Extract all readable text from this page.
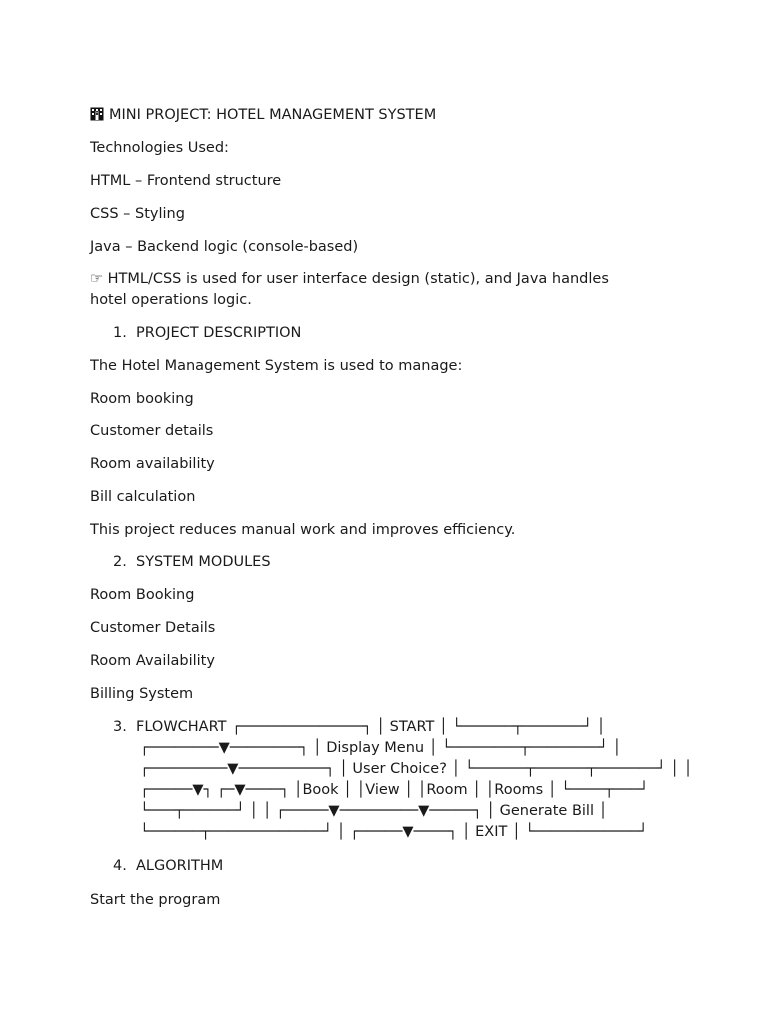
H MINI PROJECT: HOTEL MANAGEMENT SYSTEM

Technologies Used:

HTML – Frontend structure

CSS – Styling

Java – Backend logic (console-based)

☞ HTML/CSS is used for user interface design (static), and Java handles hotel operations logic.

1. PROJECT DESCRIPTION

The Hotel Management System is used to manage:

Room booking

Customer details

Room availability

Bill calculation

This project reduces manual work and improves efficiency.

2. SYSTEM MODULES

Room Booking

Customer Details

Room Availability

Billing System

3. FLOWCHART ┌──────────────┐ │ START │ └──────┬───────┘ │

┌────────▼────────┐ │ Display Menu │ └────────┬────────┘ │

┌─────────▼──────────┐ │ User Choice? │ └──────┬──────┬───────┘ │ │

┌─────▼┐ ┌─▼────┐ │Book │ │View │ │Room │ │Rooms │ └────┬───┘

└───┬──────┘ │ │ ┌─────▼─────────▼─────┐ │ Generate Bill │

└──────┬─────────────┘ │ ┌─────▼────┐ │ EXIT │ └────────────┘

4. ALGORITHM

Start the program
